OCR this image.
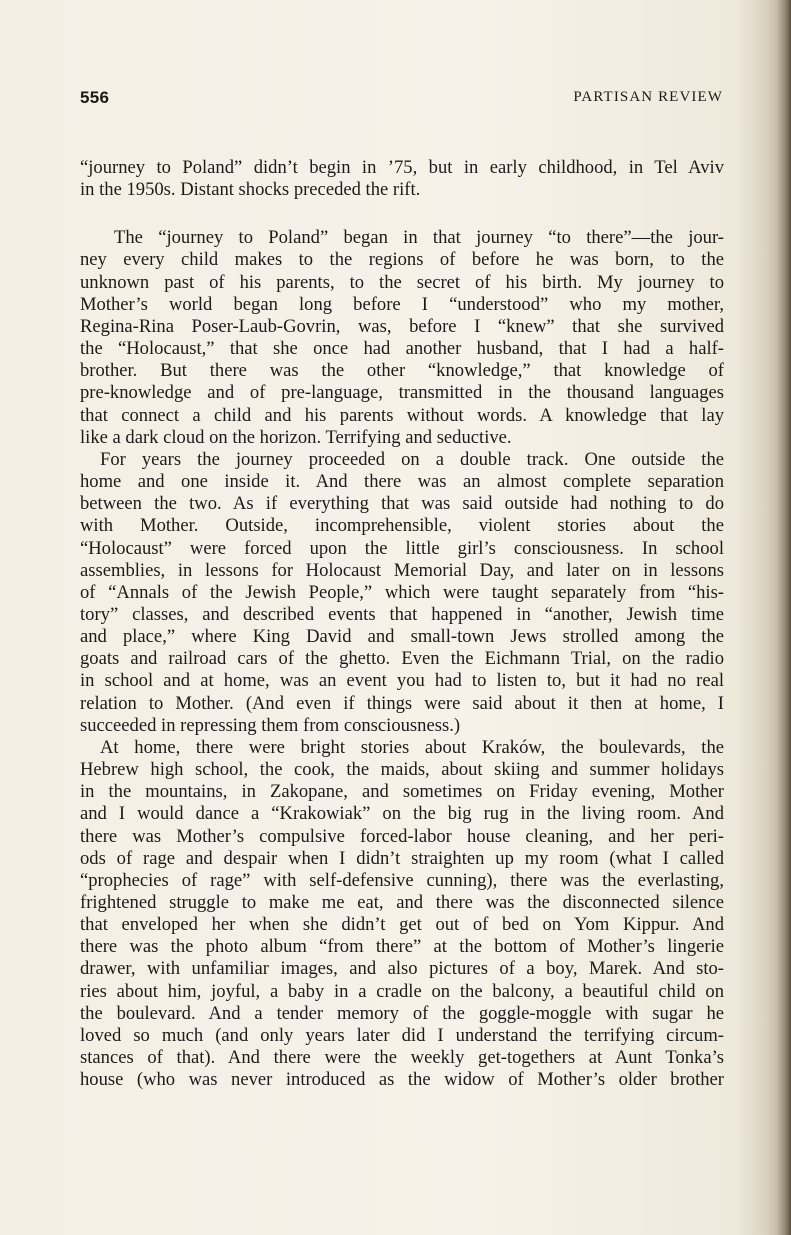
556	PARTISAN REVIEW

“journey to Poland” didn’t begin in ’75, but in early childhood, in Tel Aviv
in the 1950s. Distant shocks preceded the rift.

The “journey to Poland” began in that journey “to there”—the jour-
ney every child makes to the regions of before he was born, to the
unknown past of his parents, to the secret of his birth. My journey to
Mother’s world began long before I “understood” who my mother,
Regina-Rina Poser-Laub-Govrin, was, before I “knew” that she survived
the “Holocaust,” that she once had another husband, that I had a half-
brother. But there was the other “knowledge,” that knowledge of
pre-knowledge and of pre-language, transmitted in the thousand languages
that connect a child and his parents without words. A knowledge that lay
like a dark cloud on the horizon. Terrifying and seductive.

For years the journey proceeded on a double track. One outside the
home and one inside it. And there was an almost complete separation
between the two. As if everything that was said outside had nothing to do
with Mother. Outside, incomprehensible, violent stories about the
“Holocaust” were forced upon the little girl’s consciousness. In school
assemblies, in lessons for Holocaust Memorial Day, and later on in lessons
of “Annals of the Jewish People,” which were taught separately from “his-
tory” classes, and described events that happened in “another, Jewish time
and place,” where King David and small-town Jews strolled among the
goats and railroad cars of the ghetto. Even the Eichmann Trial, on the radio
in school and at home, was an event you had to listen to, but it had no real
relation to Mother. (And even if things were said about it then at home, I
succeeded in repressing them from consciousness.)

At home, there were bright stories about Kraków, the boulevards, the
Hebrew high school, the cook, the maids, about skiing and summer holidays
in the mountains, in Zakopane, and sometimes on Friday evening, Mother
and I would dance a “Krakowiak” on the big rug in the living room. And
there was Mother’s compulsive forced-labor house cleaning, and her peri-
ods of rage and despair when I didn’t straighten up my room (what I called
“prophecies of rage” with self-defensive cunning), there was the everlasting,
frightened struggle to make me eat, and there was the disconnected silence
that enveloped her when she didn’t get out of bed on Yom Kippur. And
there was the photo album “from there” at the bottom of Mother’s lingerie
drawer, with unfamiliar images, and also pictures of a boy, Marek. And sto-
ries about him, joyful, a baby in a cradle on the balcony, a beautiful child on
the boulevard. And a tender memory of the goggle-moggle with sugar he
loved so much (and only years later did I understand the terrifying circum-
stances of that). And there were the weekly get-togethers at Aunt Tonka’s
house (who was never introduced as the widow of Mother’s older brother
